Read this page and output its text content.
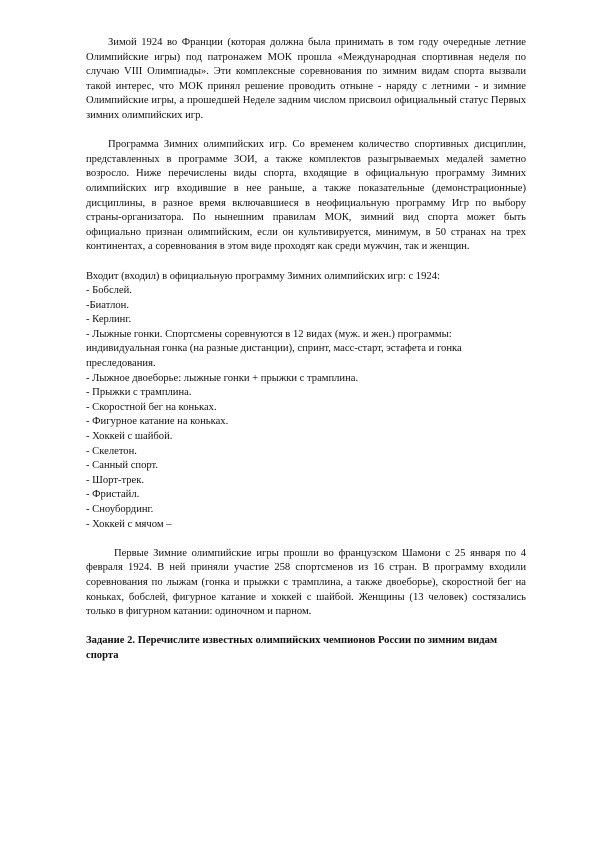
Зимой 1924 во Франции (которая должна была принимать в том году очередные летние Олимпийские игры) под патронажем МОК прошла «Международная спортивная неделя по случаю VIII Олимпиады». Эти комплексные соревнования по зимним видам спорта вызвали такой интерес, что МОК принял решение проводить отныне - наряду с летними - и зимние Олимпийские игры, а прошедшей Неделе задним числом присвоил официальный статус Первых зимних олимпийских игр.

Программа Зимних олимпийских игр. Со временем количество спортивных дисциплин, представленных в программе ЗОИ, а также комплектов разыгрываемых медалей заметно возросло. Ниже перечислены виды спорта, входящие в официальную программу Зимних олимпийских игр входившие в нее раньше, а также показательные (демонстрационные) дисциплины, в разное время включавшиеся в неофициальную программу Игр по выбору страны-организатора. По нынешним правилам МОК, зимний вид спорта может быть официально признан олимпийским, если он культивируется, минимум, в 50 странах на трех континентах, а соревнования в этом виде проходят как среди мужчин, так и женщин.

Входит (входил) в официальную программу Зимних олимпийских игр: с 1924:

- Бобслей.
-Биатлон.
- Керлинг.
- Лыжные гонки. Спортсмены соревнуются в 12 видах (муж. и жен.) программы: индивидуальная гонка (на разные дистанции), спринт, масс-старт, эстафета и гонка преследования.
- Лыжное двоеборье: лыжные гонки + прыжки с трамплина.
- Прыжки с трамплина.
- Скоростной бег на коньках.
- Фигурное катание на коньках.
- Хоккей с шайбой.
- Скелетон.
- Санный спорт.
- Шорт-трек.
- Фристайл.
- Сноубординг.
- Хоккей с мячом –

Первые Зимние олимпийские игры прошли во французском Шамони с 25 января по 4 февраля 1924. В ней приняли участие 258 спортсменов из 16 стран. В программу входили соревнования по лыжам (гонка и прыжки с трамплина, а также двоеборье), скоростной бег на коньках, бобслей, фигурное катание и хоккей с шайбой. Женщины (13 человек) состязались только в фигурном катании: одиночном и парном.

Задание 2. Перечислите известных олимпийских чемпионов России по зимним видам спорта
